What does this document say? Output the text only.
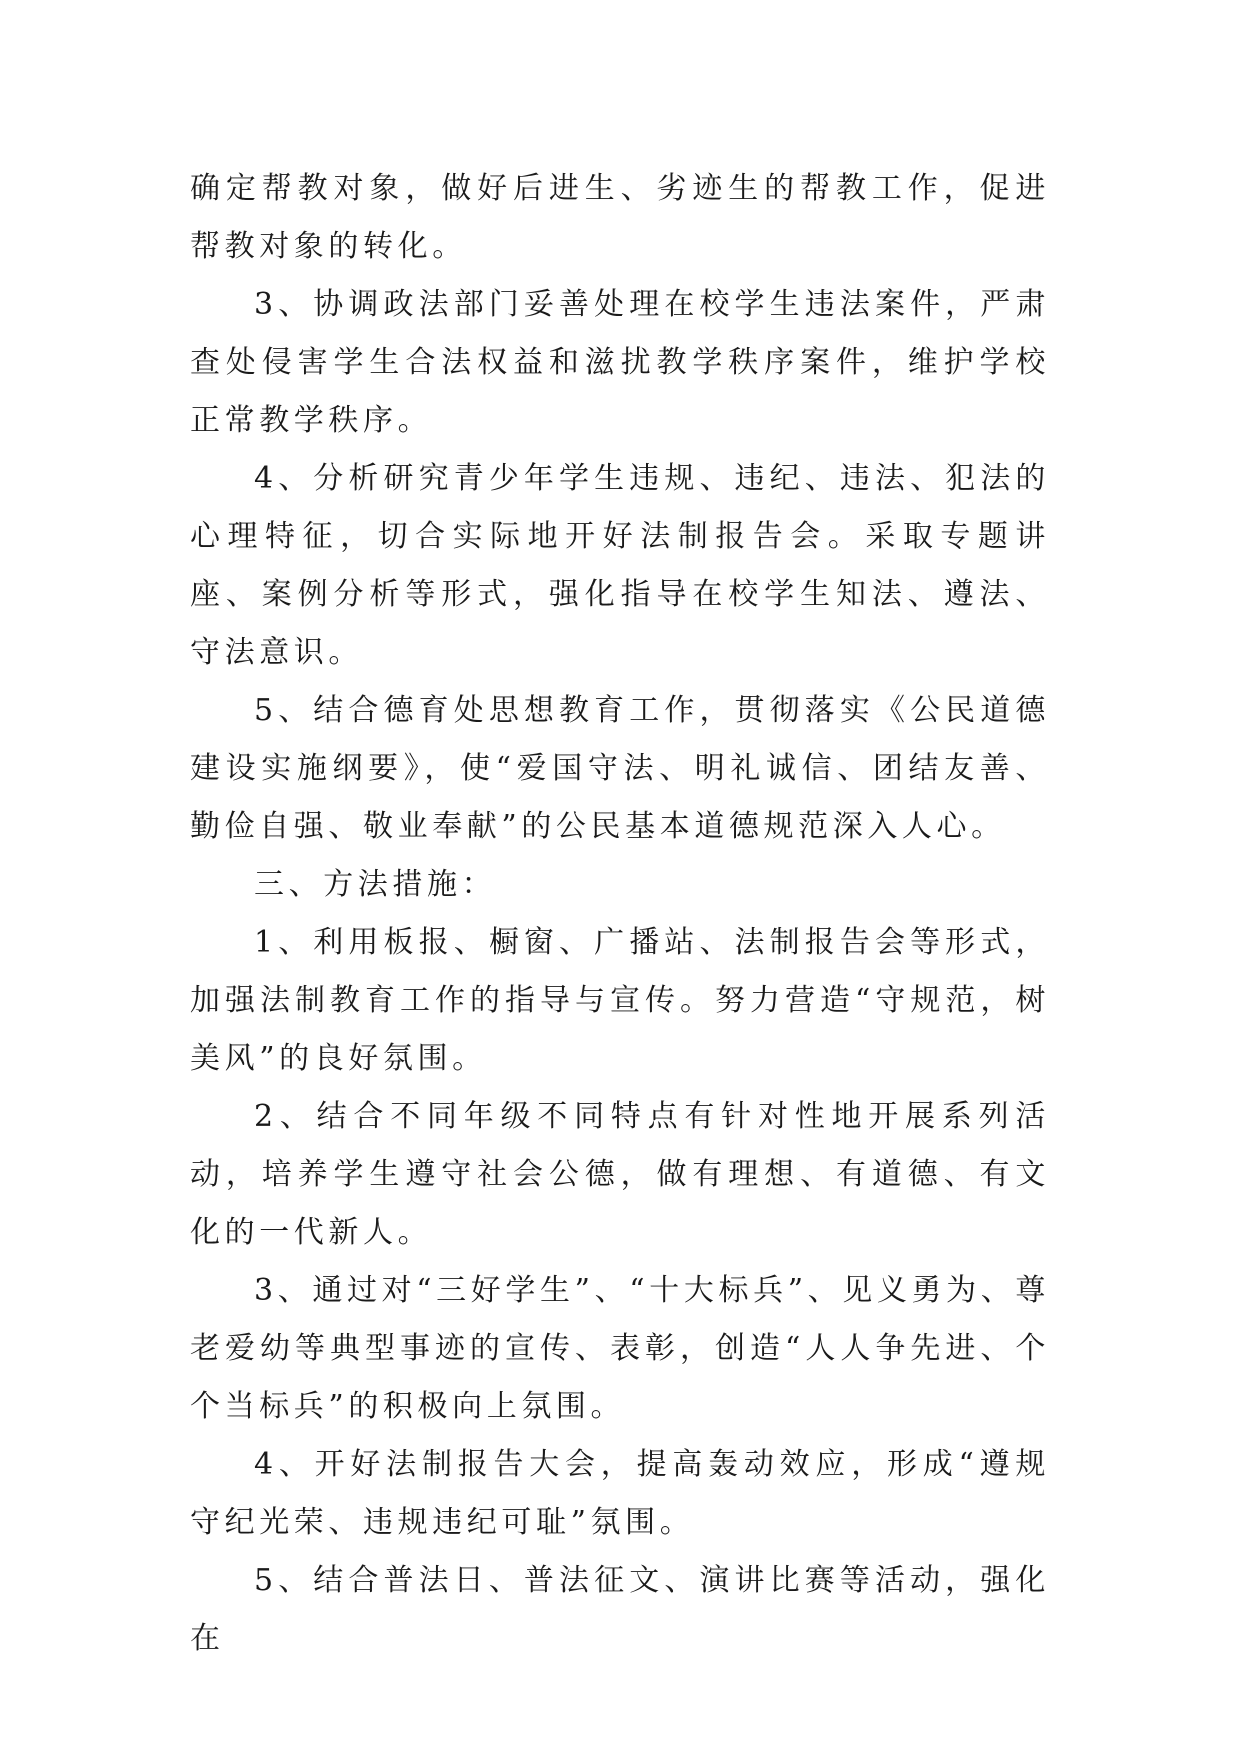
确定帮教对象，做好后进生、劣迹生的帮教工作，促进帮教对象的转化。

3、协调政法部门妥善处理在校学生违法案件，严肃查处侵害学生合法权益和滋扰教学秩序案件，维护学校正常教学秩序。

4、分析研究青少年学生违规、违纪、违法、犯法的心理特征，切合实际地开好法制报告会。采取专题讲座、案例分析等形式，强化指导在校学生知法、遵法、守法意识。

5、结合德育处思想教育工作，贯彻落实《公民道德建设实施纲要》，使“爱国守法、明礼诚信、团结友善、勤俭自强、敬业奉献”的公民基本道德规范深入人心。

三、方法措施：

1、利用板报、橱窗、广播站、法制报告会等形式，加强法制教育工作的指导与宣传。努力营造“守规范，树美风”的良好氛围。

2、结合不同年级不同特点有针对性地开展系列活动，培养学生遵守社会公德，做有理想、有道德、有文化的一代新人。

3、通过对“三好学生”、“十大标兵”、见义勇为、尊老爱幼等典型事迹的宣传、表彰，创造“人人争先进、个个当标兵”的积极向上氛围。

4、开好法制报告大会，提高轰动效应，形成“遵规守纪光荣、违规违纪可耻”氛围。

5、结合普法日、普法征文、演讲比赛等活动，强化在
